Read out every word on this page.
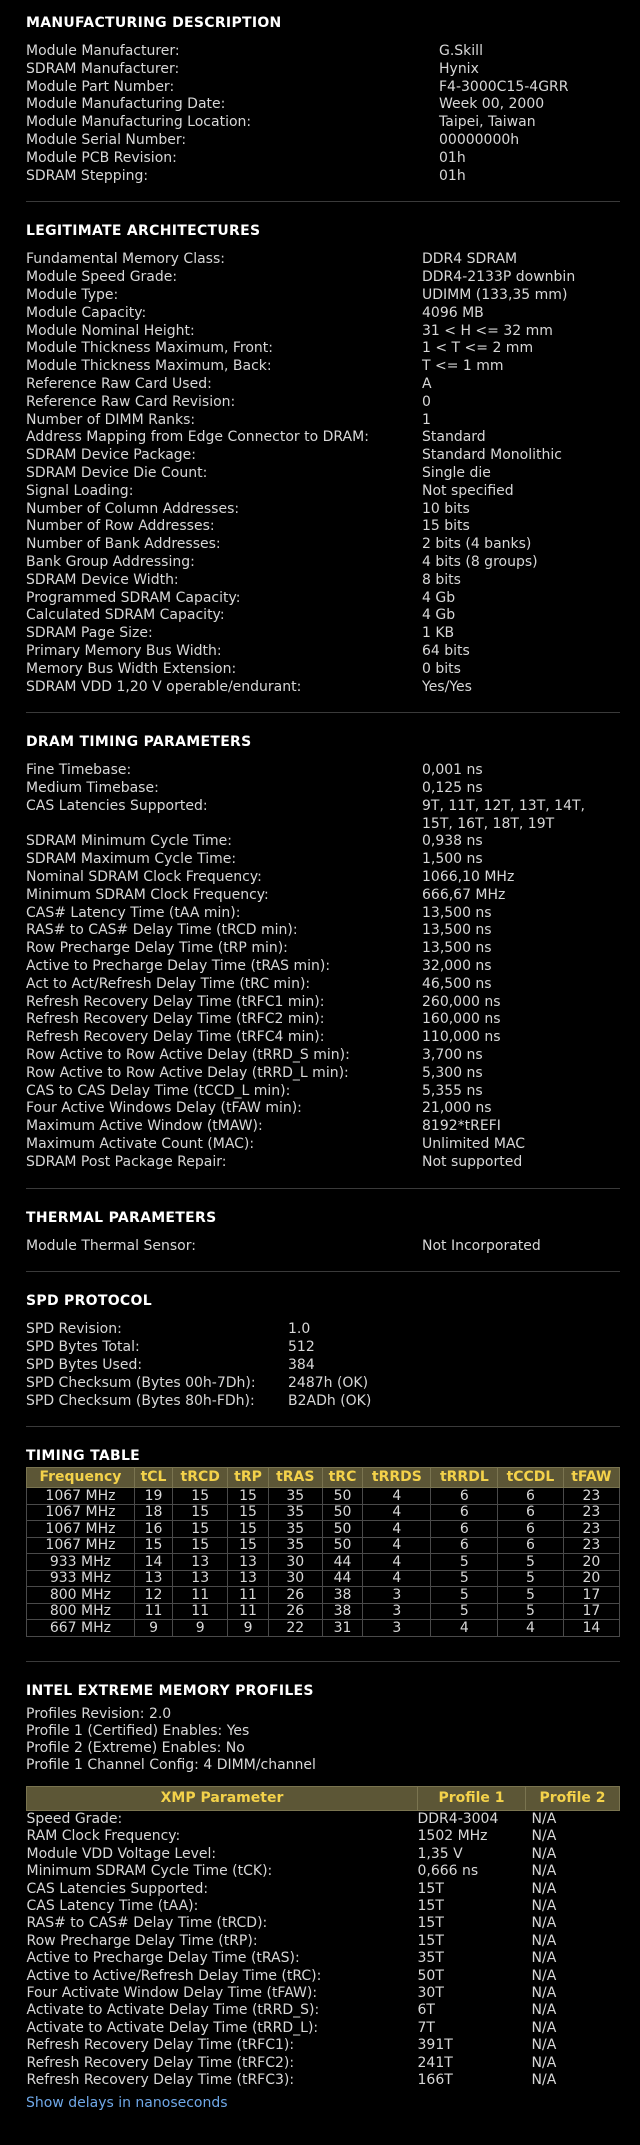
MANUFACTURING DESCRIPTION
Module Manufacturer:	G.Skill
SDRAM Manufacturer:	Hynix
Module Part Number:	F4-3000C15-4GRR
Module Manufacturing Date:	Week 00, 2000
Module Manufacturing Location:	Taipei, Taiwan
Module Serial Number:	00000000h
Module PCB Revision:	01h
SDRAM Stepping:	01h
LEGITIMATE ARCHITECTURES
Fundamental Memory Class:	DDR4 SDRAM
Module Speed Grade:	DDR4-2133P downbin
Module Type:	UDIMM (133,35 mm)
Module Capacity:	4096 MB
Module Nominal Height:	31 < H <= 32 mm
Module Thickness Maximum, Front:	1 < T <= 2 mm
Module Thickness Maximum, Back:	T <= 1 mm
Reference Raw Card Used:	A
Reference Raw Card Revision:	0
Number of DIMM Ranks:	1
Address Mapping from Edge Connector to DRAM:	Standard
SDRAM Device Package:	Standard Monolithic
SDRAM Device Die Count:	Single die
Signal Loading:	Not specified
Number of Column Addresses:	10 bits
Number of Row Addresses:	15 bits
Number of Bank Addresses:	2 bits (4 banks)
Bank Group Addressing:	4 bits (8 groups)
SDRAM Device Width:	8 bits
Programmed SDRAM Capacity:	4 Gb
Calculated SDRAM Capacity:	4 Gb
SDRAM Page Size:	1 KB
Primary Memory Bus Width:	64 bits
Memory Bus Width Extension:	0 bits
SDRAM VDD 1,20 V operable/endurant:	Yes/Yes
DRAM TIMING PARAMETERS
Fine Timebase:	0,001 ns
Medium Timebase:	0,125 ns
CAS Latencies Supported:	9T, 11T, 12T, 13T, 14T, 15T, 16T, 18T, 19T
SDRAM Minimum Cycle Time:	0,938 ns
SDRAM Maximum Cycle Time:	1,500 ns
Nominal SDRAM Clock Frequency:	1066,10 MHz
Minimum SDRAM Clock Frequency:	666,67 MHz
CAS# Latency Time (tAA min):	13,500 ns
RAS# to CAS# Delay Time (tRCD min):	13,500 ns
Row Precharge Delay Time (tRP min):	13,500 ns
Active to Precharge Delay Time (tRAS min):	32,000 ns
Act to Act/Refresh Delay Time (tRC min):	46,500 ns
Refresh Recovery Delay Time (tRFC1 min):	260,000 ns
Refresh Recovery Delay Time (tRFC2 min):	160,000 ns
Refresh Recovery Delay Time (tRFC4 min):	110,000 ns
Row Active to Row Active Delay (tRRD_S min):	3,700 ns
Row Active to Row Active Delay (tRRD_L min):	5,300 ns
CAS to CAS Delay Time (tCCD_L min):	5,355 ns
Four Active Windows Delay (tFAW min):	21,000 ns
Maximum Active Window (tMAW):	8192*tREFI
Maximum Activate Count (MAC):	Unlimited MAC
SDRAM Post Package Repair:	Not supported
THERMAL PARAMETERS
Module Thermal Sensor:	Not Incorporated
SPD PROTOCOL
SPD Revision:	1.0
SPD Bytes Total:	512
SPD Bytes Used:	384
SPD Checksum (Bytes 00h-7Dh):	2487h (OK)
SPD Checksum (Bytes 80h-FDh):	B2ADh (OK)
TIMING TABLE
Frequency	tCL	tRCD	tRP	tRAS	tRC	tRRDS	tRRDL	tCCDL	tFAW
1067 MHz	19	15	15	35	50	4	6	6	23
1067 MHz	18	15	15	35	50	4	6	6	23
1067 MHz	16	15	15	35	50	4	6	6	23
1067 MHz	15	15	15	35	50	4	6	6	23
933 MHz	14	13	13	30	44	4	5	5	20
933 MHz	13	13	13	30	44	4	5	5	20
800 MHz	12	11	11	26	38	3	5	5	17
800 MHz	11	11	11	26	38	3	5	5	17
667 MHz	9	9	9	22	31	3	4	4	14
INTEL EXTREME MEMORY PROFILES
Profiles Revision: 2.0
Profile 1 (Certified) Enables: Yes
Profile 2 (Extreme) Enables: No
Profile 1 Channel Config: 4 DIMM/channel
XMP Parameter	Profile 1	Profile 2
Speed Grade:	DDR4-3004	N/A
RAM Clock Frequency:	1502 MHz	N/A
Module VDD Voltage Level:	1,35 V	N/A
Minimum SDRAM Cycle Time (tCK):	0,666 ns	N/A
CAS Latencies Supported:	15T	N/A
CAS Latency Time (tAA):	15T	N/A
RAS# to CAS# Delay Time (tRCD):	15T	N/A
Row Precharge Delay Time (tRP):	15T	N/A
Active to Precharge Delay Time (tRAS):	35T	N/A
Active to Active/Refresh Delay Time (tRC):	50T	N/A
Four Activate Window Delay Time (tFAW):	30T	N/A
Activate to Activate Delay Time (tRRD_S):	6T	N/A
Activate to Activate Delay Time (tRRD_L):	7T	N/A
Refresh Recovery Delay Time (tRFC1):	391T	N/A
Refresh Recovery Delay Time (tRFC2):	241T	N/A
Refresh Recovery Delay Time (tRFC3):	166T	N/A
Show delays in nanoseconds
